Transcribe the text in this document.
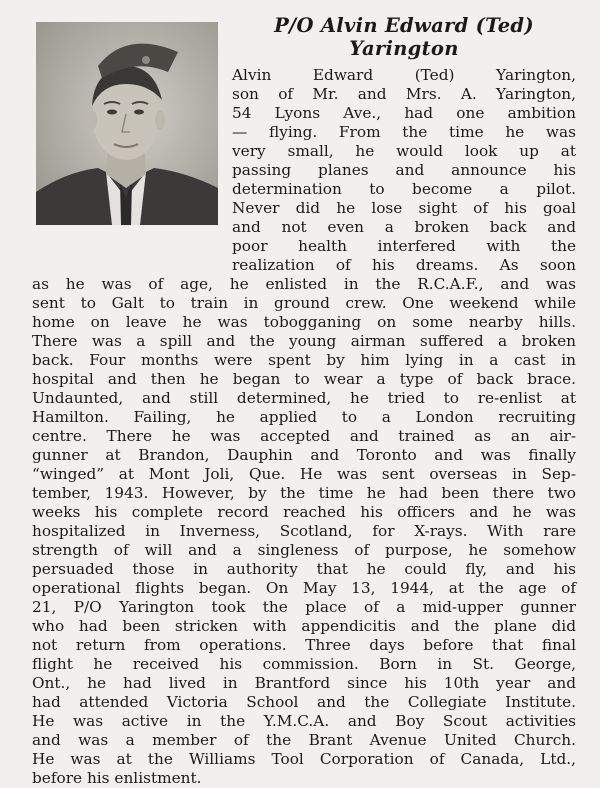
P/O Alvin Edward (Ted)
Yarington
Alvin Edward (Ted) Yarington,
son of Mr. and Mrs. A. Yarington,
54 Lyons Ave., had one ambition
— flying. From the time he was
very small, he would look up at
passing planes and announce his
determination to become a pilot.
Never did he lose sight of his goal
and not even a broken back and
poor health interfered with the
realization of his dreams. As soon
as he was of age, he enlisted in the R.C.A.F., and was
sent to Galt to train in ground crew. One weekend while
home on leave he was tobogganing on some nearby hills.
There was a spill and the young airman suffered a broken
back. Four months were spent by him lying in a cast in
hospital and then he began to wear a type of back brace.
Undaunted, and still determined, he tried to re-enlist at
Hamilton. Failing, he applied to a London recruiting
centre. There he was accepted and trained as an air-
gunner at Brandon, Dauphin and Toronto and was finally
“winged” at Mont Joli, Que. He was sent overseas in Sep-
tember, 1943. However, by the time he had been there two
weeks his complete record reached his officers and he was
hospitalized in Inverness, Scotland, for X-rays. With rare
strength of will and a singleness of purpose, he somehow
persuaded those in authority that he could fly, and his
operational flights began. On May 13, 1944, at the age of
21, P/O Yarington took the place of a mid-upper gunner
who had been stricken with appendicitis and the plane did
not return from operations. Three days before that final
flight he received his commission. Born in St. George,
Ont., he had lived in Brantford since his 10th year and
had attended Victoria School and the Collegiate Institute.
He was active in the Y.M.C.A. and Boy Scout activities
and was a member of the Brant Avenue United Church.
He was at the Williams Tool Corporation of Canada, Ltd.,
before his enlistment.
